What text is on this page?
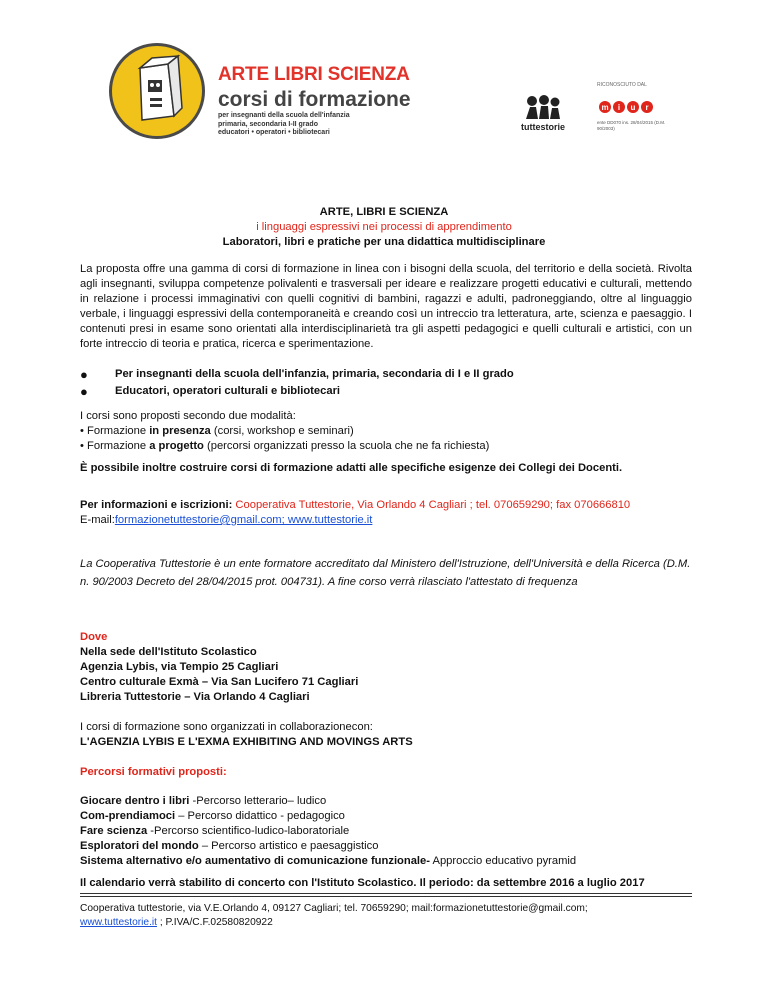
ARTE LIBRI SCIENZA
corsi di formazione
per insegnanti della scuola dell'infanzia
primaria, secondaria I-II grado
educatori • operatori • bibliotecari
tuttestorie
m i u r
RICONOSCIUTO DAL
ente DD070 ins. 28/04/2015 (D.M. 90/2003)
ARTE, LIBRI E SCIENZA
i linguaggi espressivi nei processi di apprendimento
Laboratori, libri e pratiche per una didattica multidisciplinare
La proposta offre una gamma di corsi di formazione in linea con i bisogni della scuola, del territorio e della società. Rivolta agli insegnanti, sviluppa competenze polivalenti e trasversali per ideare e realizzare progetti educativi e culturali, mettendo in relazione i processi immaginativi con quelli cognitivi di bambini, ragazzi e adulti, padroneggiando, oltre al linguaggio verbale, i linguaggi espressivi della contemporaneità e creando così un intreccio tra letteratura, arte, scienza e paesaggio. I contenuti presi in esame sono orientati alla interdisciplinarietà tra gli aspetti pedagogici e quelli culturali e artistici, con un forte intreccio di teoria e pratica, ricerca e sperimentazione.
● Per insegnanti della scuola dell'infanzia, primaria, secondaria di I e II grado
● Educatori, operatori culturali e bibliotecari
I corsi sono proposti secondo due modalità:
• Formazione in presenza (corsi, workshop e seminari)
• Formazione a progetto (percorsi organizzati presso la scuola che ne fa richiesta)
È possibile inoltre costruire corsi di formazione adatti alle specifiche esigenze dei Collegi dei Docenti.
Per informazioni e iscrizioni: Cooperativa Tuttestorie, Via Orlando 4 Cagliari ; tel. 070659290; fax 070666810
E-mail:formazionetuttestorie@gmail.com; www.tuttestorie.it
La Cooperativa Tuttestorie è un ente formatore accreditato dal Ministero dell'Istruzione, dell'Università e della Ricerca (D.M. n. 90/2003 Decreto del 28/04/2015 prot. 004731). A fine corso verrà rilasciato l'attestato di frequenza
Dove
Nella sede dell'Istituto Scolastico
Agenzia Lybis, via Tempio 25 Cagliari
Centro culturale Exmà – Via San Lucifero 71 Cagliari
Libreria Tuttestorie – Via Orlando 4 Cagliari
I corsi di formazione sono organizzati in collaborazionecon:
L'AGENZIA LYBIS E L'EXMA EXHIBITING AND MOVINGS ARTS
Percorsi formativi proposti:
Giocare dentro i libri -Percorso letterario– ludico
Com-prendiamoci – Percorso didattico - pedagogico
Fare scienza -Percorso scientifico-ludico-laboratoriale
Esploratori del mondo – Percorso artistico e paesaggistico
Sistema alternativo e/o aumentativo di comunicazione funzionale- Approccio educativo pyramid
Il calendario verrà stabilito di concerto con l'Istituto Scolastico. Il periodo: da settembre 2016 a luglio 2017
Cooperativa tuttestorie, via V.E.Orlando 4, 09127 Cagliari; tel. 70659290; mail:formazionetuttestorie@gmail.com;
www.tuttestorie.it ; P.IVA/C.F.02580820922
